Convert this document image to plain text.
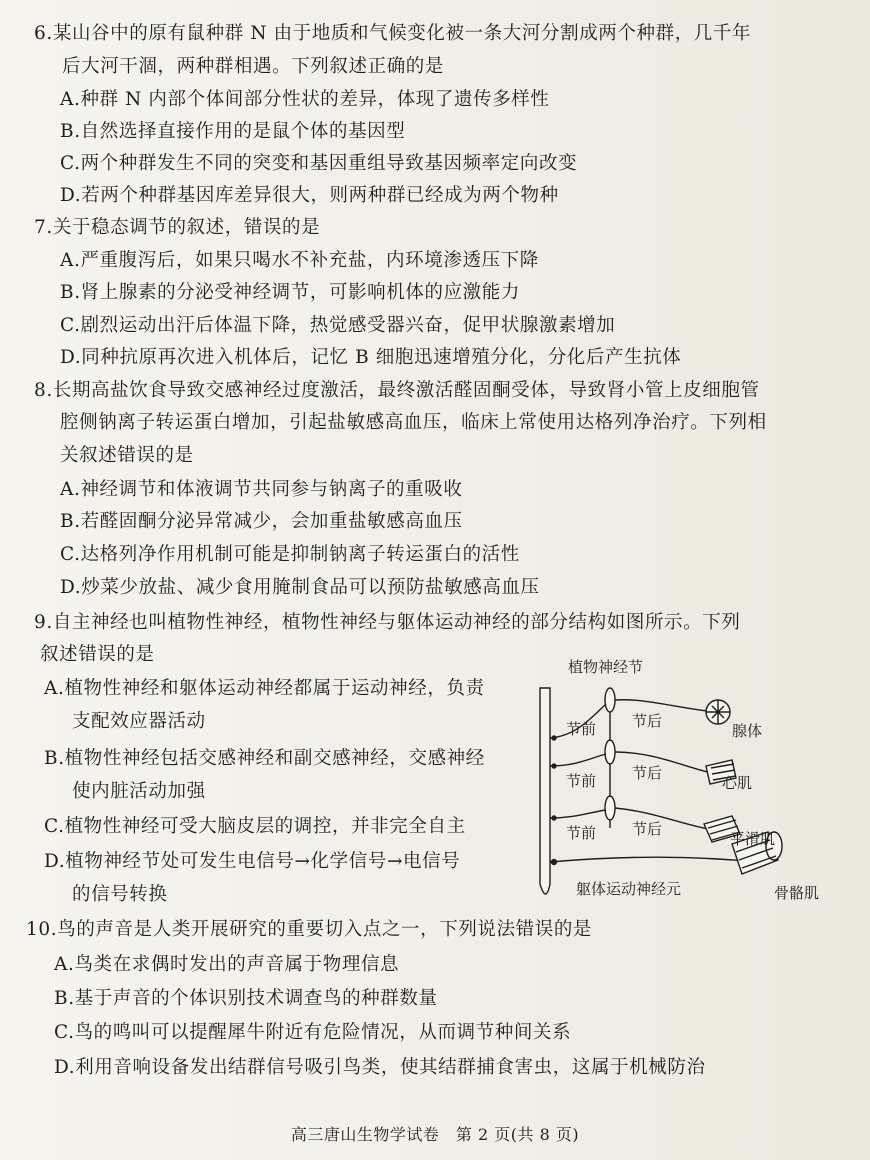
6.某山谷中的原有鼠种群 N 由于地质和气候变化被一条大河分割成两个种群，几千年
后大河干涸，两种群相遇。下列叙述正确的是
A.种群 N 内部个体间部分性状的差异，体现了遗传多样性
B.自然选择直接作用的是鼠个体的基因型
C.两个种群发生不同的突变和基因重组导致基因频率定向改变
D.若两个种群基因库差异很大，则两种群已经成为两个物种
7.关于稳态调节的叙述，错误的是
A.严重腹泻后，如果只喝水不补充盐，内环境渗透压下降
B.肾上腺素的分泌受神经调节，可影响机体的应激能力
C.剧烈运动出汗后体温下降，热觉感受器兴奋，促甲状腺激素增加
D.同种抗原再次进入机体后，记忆 B 细胞迅速增殖分化，分化后产生抗体
8.长期高盐饮食导致交感神经过度激活，最终激活醛固酮受体，导致肾小管上皮细胞管
腔侧钠离子转运蛋白增加，引起盐敏感高血压，临床上常使用达格列净治疗。下列相
关叙述错误的是
A.神经调节和体液调节共同参与钠离子的重吸收
B.若醛固酮分泌异常减少，会加重盐敏感高血压
C.达格列净作用机制可能是抑制钠离子转运蛋白的活性
D.炒菜少放盐、减少食用腌制食品可以预防盐敏感高血压
9.自主神经也叫植物性神经，植物性神经与躯体运动神经的部分结构如图所示。下列
叙述错误的是
A.植物性神经和躯体运动神经都属于运动神经，负责
支配效应器活动
B.植物性神经包括交感神经和副交感神经，交感神经
使内脏活动加强
C.植物性神经可受大脑皮层的调控，并非完全自主
D.植物神经节处可发生电信号→化学信号→电信号
的信号转换
植物神经节
节前 节后
节前 节后
节前 节后
腺体
心肌
平滑肌
骨骼肌
躯体运动神经元
10.鸟的声音是人类开展研究的重要切入点之一，下列说法错误的是
A.鸟类在求偶时发出的声音属于物理信息
B.基于声音的个体识别技术调查鸟的种群数量
C.鸟的鸣叫可以提醒犀牛附近有危险情况，从而调节种间关系
D.利用音响设备发出结群信号吸引鸟类，使其结群捕食害虫，这属于机械防治
高三唐山生物学试卷　第 2 页(共 8 页)
